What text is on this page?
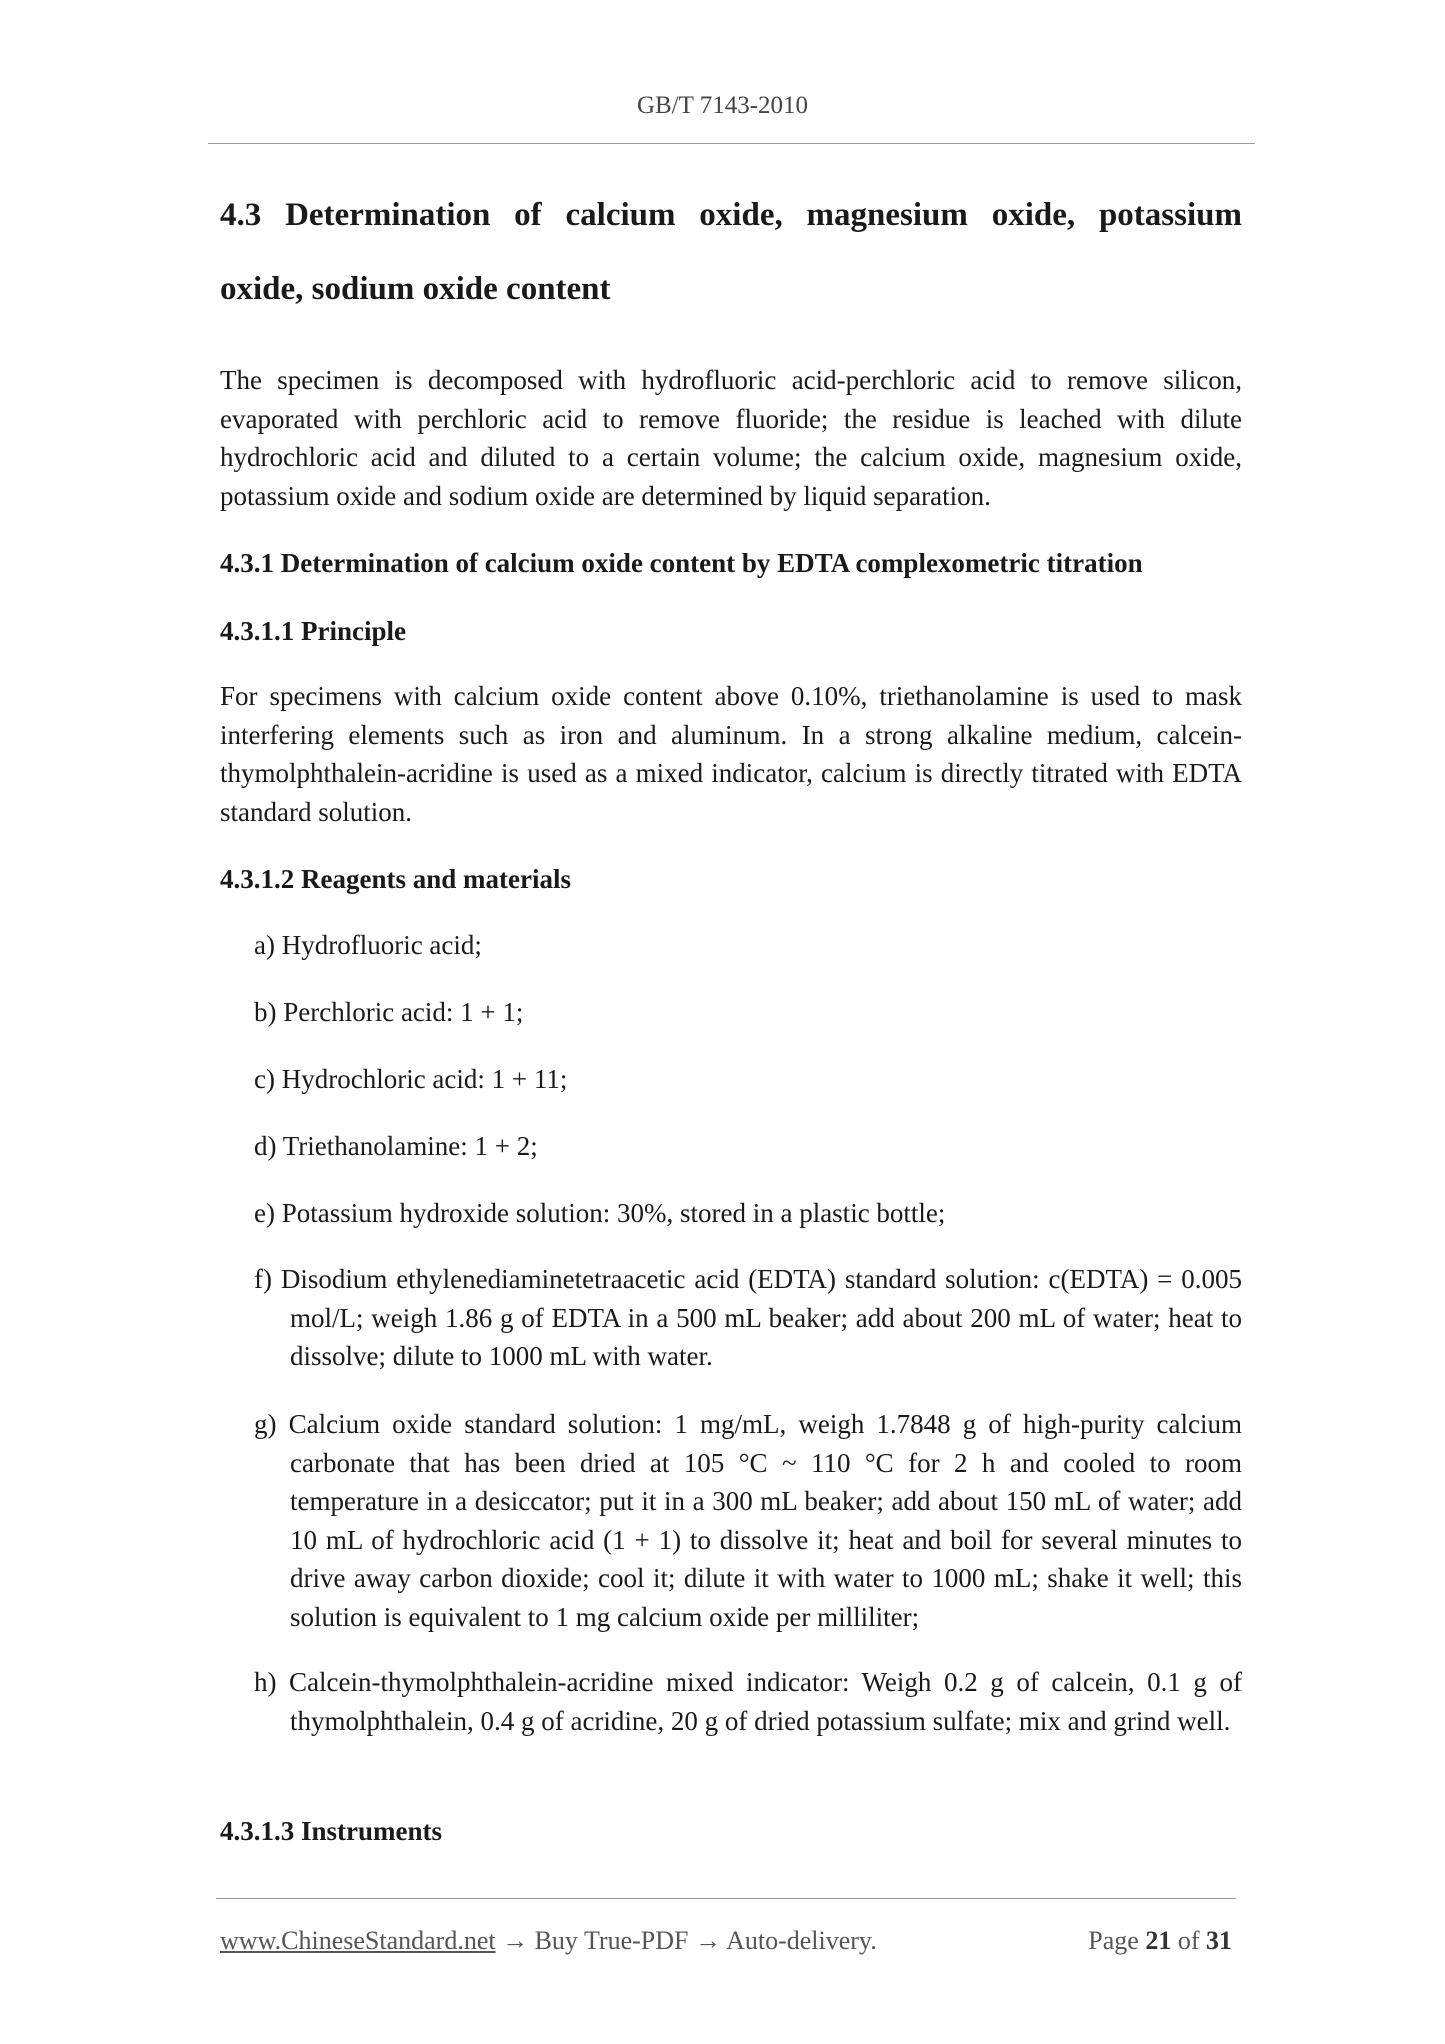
GB/T 7143-2010
4.3 Determination of calcium oxide, magnesium oxide, potassium
oxide, sodium oxide content
The specimen is decomposed with hydrofluoric acid-perchloric acid to remove silicon, evaporated with perchloric acid to remove fluoride; the residue is leached with dilute hydrochloric acid and diluted to a certain volume; the calcium oxide, magnesium oxide, potassium oxide and sodium oxide are determined by liquid separation.
4.3.1 Determination of calcium oxide content by EDTA complexometric titration
4.3.1.1 Principle
For specimens with calcium oxide content above 0.10%, triethanolamine is used to mask interfering elements such as iron and aluminum. In a strong alkaline medium, calcein-thymolphthalein-acridine is used as a mixed indicator, calcium is directly titrated with EDTA standard solution.
4.3.1.2 Reagents and materials
a) Hydrofluoric acid;
b) Perchloric acid: 1 + 1;
c) Hydrochloric acid: 1 + 11;
d) Triethanolamine: 1 + 2;
e) Potassium hydroxide solution: 30%, stored in a plastic bottle;
f) Disodium ethylenediaminetetraacetic acid (EDTA) standard solution: c(EDTA) = 0.005 mol/L; weigh 1.86 g of EDTA in a 500 mL beaker; add about 200 mL of water; heat to dissolve; dilute to 1000 mL with water.
g) Calcium oxide standard solution: 1 mg/mL, weigh 1.7848 g of high-purity calcium carbonate that has been dried at 105 °C ~ 110 °C for 2 h and cooled to room temperature in a desiccator; put it in a 300 mL beaker; add about 150 mL of water; add 10 mL of hydrochloric acid (1 + 1) to dissolve it; heat and boil for several minutes to drive away carbon dioxide; cool it; dilute it with water to 1000 mL; shake it well; this solution is equivalent to 1 mg calcium oxide per milliliter;
h) Calcein-thymolphthalein-acridine mixed indicator: Weigh 0.2 g of calcein, 0.1 g of thymolphthalein, 0.4 g of acridine, 20 g of dried potassium sulfate; mix and grind well.
4.3.1.3 Instruments
www.ChineseStandard.net → Buy True-PDF → Auto-delivery.	Page 21 of 31
